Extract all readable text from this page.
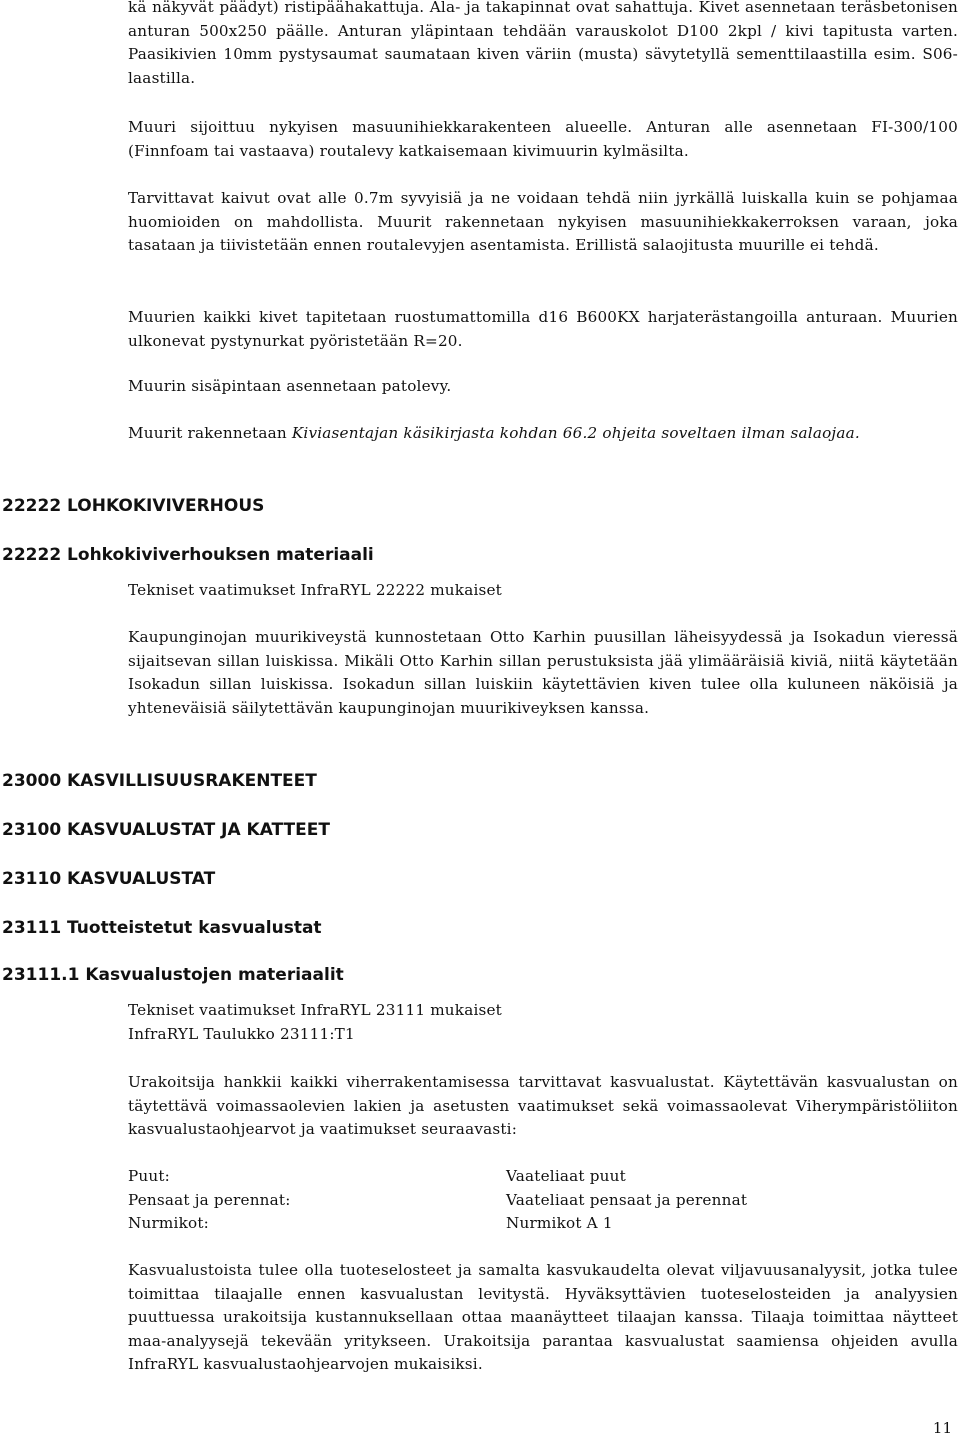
kä näkyvät päädyt) ristipäähakattuja. Ala- ja takapinnat ovat sahattuja. Kivet asennetaan teräsbetonisen anturan 500x250 päälle. Anturan yläpintaan tehdään varauskolot D100 2kpl / kivi tapitusta varten. Paasikivien 10mm pystysaumat saumataan kiven väriin (musta) sävytetyllä sementtilaastilla esim. S06-laastilla.

Muuri sijoittuu nykyisen masuunihiekkarakenteen alueelle. Anturan alle asennetaan FI-300/100 (Finnfoam tai vastaava) routalevy katkaisemaan kivimuurin kylmäsilta.

Tarvittavat kaivut ovat alle 0.7m syvyisiä ja ne voidaan tehdä niin jyrkällä luiskalla kuin se pohjamaa huomioiden on mahdollista. Muurit rakennetaan nykyisen masuunihiekkakerroksen varaan, joka tasataan ja tiivistetään ennen routalevyjen asentamista. Erillistä salaojitusta muurille ei tehdä.

Muurien kaikki kivet tapitetaan ruostumattomilla d16 B600KX harjaterästangoilla anturaan. Muurien ulkonevat pystynurkat pyöristetään R=20.

Muurin sisäpintaan asennetaan patolevy.

Muurit rakennetaan Kiviasentajan käsikirjasta kohdan 66.2 ohjeita soveltaen ilman salaojaa.

22222 LOHKOKIVIVERHOUS
22222 Lohkokiviverhouksen materiaali

Tekniset vaatimukset InfraRYL 22222 mukaiset

Kaupunginojan muurikiveystä kunnostetaan Otto Karhin puusillan läheisyydessä ja Isokadun vieressä sijaitsevan sillan luiskissa. Mikäli Otto Karhin sillan perustuksista jää ylimääräisiä kiviä, niitä käytetään Isokadun sillan luiskissa. Isokadun sillan luiskiin käytettävien kiven tulee olla kuluneen näköisiä ja yhteneväisiä säilytettävän kaupunginojan muurikiveyksen kanssa.

23000 KASVILLISUUSRAKENTEET
23100 KASVUALUSTAT JA KATTEET
23110 KASVUALUSTAT
23111 Tuotteistetut kasvualustat
23111.1 Kasvualustojen materiaalit

Tekniset vaatimukset InfraRYL 23111 mukaiset
InfraRYL Taulukko 23111:T1

Urakoitsija hankkii kaikki viherrakentamisessa tarvittavat kasvualustat. Käytettävän kasvualustan on täytettävä voimassaolevien lakien ja asetusten vaatimukset sekä voimassaolevat Viherympäristöliiton kasvualustaohjearvot ja vaatimukset seuraavasti:

Puut:	Vaateliaat puut
Pensaat ja perennat:	Vaateliaat pensaat ja perennat
Nurmikot:	Nurmikot A 1

Kasvualustoista tulee olla tuoteselosteet ja samalta kasvukaudelta olevat viljavuusanalyysit, jotka tulee toimittaa tilaajalle ennen kasvualustan levitystä. Hyväksyttävien tuoteselosteiden ja analyysien puuttuessa urakoitsija kustannuksellaan ottaa maanäytteet tilaajan kanssa. Tilaaja toimittaa näytteet maa-analyysejä tekevään yritykseen. Urakoitsija parantaa kasvualustat saamiensa ohjeiden avulla InfraRYL kasvualustaohjearvojen mukaisiksi.

11
